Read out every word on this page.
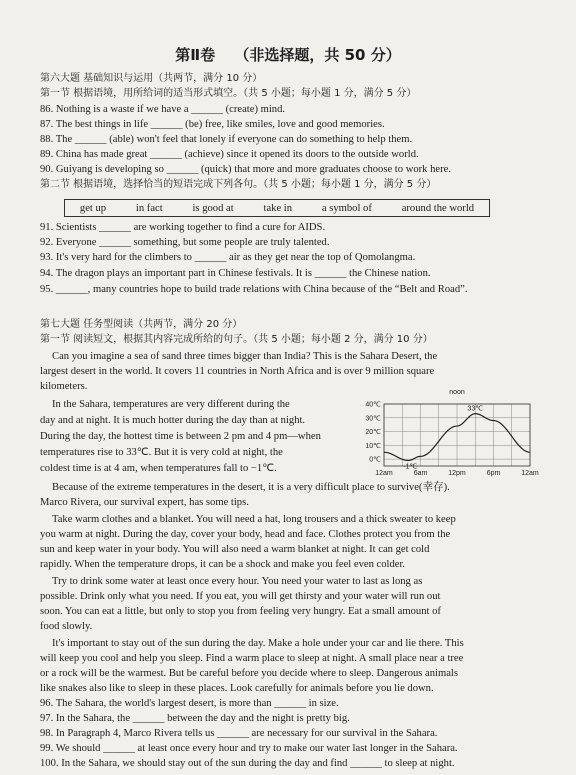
第Ⅱ卷 （非选择题，共 50 分）
第六大题 基础知识与运用（共两节，满分 10 分）
第一节 根据语境，用所给词的适当形式填空。（共 5 小题；每小题 1 分，满分 5 分）
86. Nothing is a waste if we have a ______ (create) mind.
87. The best things in life ______ (be) free, like smiles, love and good memories.
88. The ______ (able) won't feel that lonely if everyone can do something to help them.
89. China has made great ______ (achieve) since it opened its doors to the outside world.
90. Guiyang is developing so ______ (quick) that more and more graduates choose to work here.
第二节 根据语境，选择恰当的短语完成下列各句。（共 5 小题；每小题 1 分，满分 5 分）
get up	in fact	is good at	take in	a symbol of	around the world
91. Scientists ______ are working together to find a cure for AIDS.
92. Everyone ______ something, but some people are truly talented.
93. It's very hard for the climbers to ______ air as they get near the top of Qomolangma.
94. The dragon plays an important part in Chinese festivals. It is ______ the Chinese nation.
95. ______, many countries hope to build trade relations with China because of the “Belt and Road”.
第七大题 任务型阅读（共两节，满分 20 分）
第一节 阅读短文，根据其内容完成所给的句子。（共 5 小题；每小题 2 分，满分 10 分）
Can you imagine a sea of sand three times bigger than India? This is the Sahara Desert, the
largest desert in the world. It covers 11 countries in North Africa and is over 9 million square
kilometers.
In the Sahara, temperatures are very different during the
day and at night. It is much hotter during the day than at night.
During the day, the hottest time is between 2 pm and 4 pm—when
temperatures rise to 33℃. But it is very cold at night, the
coldest time is at 4 am, when temperatures fall to −1℃.
40℃
30℃
20℃
10℃
0℃
12am	6am	12pm	6pm	12am
noon
33℃
-1℃
Because of the extreme temperatures in the desert, it is a very difficult place to survive(幸存).
Marco Rivera, our survival expert, has some tips.
Take warm clothes and a blanket. You will need a hat, long trousers and a thick sweater to keep
you warm at night. During the day, cover your body, head and face. Clothes protect you from the
sun and keep water in your body. You will also need a warm blanket at night. It can get cold
rapidly. When the temperature drops, it can be a shock and make you feel even colder.
Try to drink some water at least once every hour. You need your water to last as long as
possible. Drink only what you need. If you eat, you will get thirsty and your water will run out
soon. You can eat a little, but only to stop you from feeling very hungry. Eat a small amount of
food slowly.
It's important to stay out of the sun during the day. Make a hole under your car and lie there. This
will keep you cool and help you sleep. Find a warm place to sleep at night. A small place near a tree
or a rock will be the warmest. But be careful before you decide where to sleep. Dangerous animals
like snakes also like to sleep in these places. Look carefully for animals before you lie down.
96. The Sahara, the world's largest desert, is more than ______ in size.
97. In the Sahara, the ______ between the day and the night is pretty big.
98. In Paragraph 4, Marco Rivera tells us ______ are necessary for our survival in the Sahara.
99. We should ______ at least once every hour and try to make our water last longer in the Sahara.
100. In the Sahara, we should stay out of the sun during the day and find ______ to sleep at night.
